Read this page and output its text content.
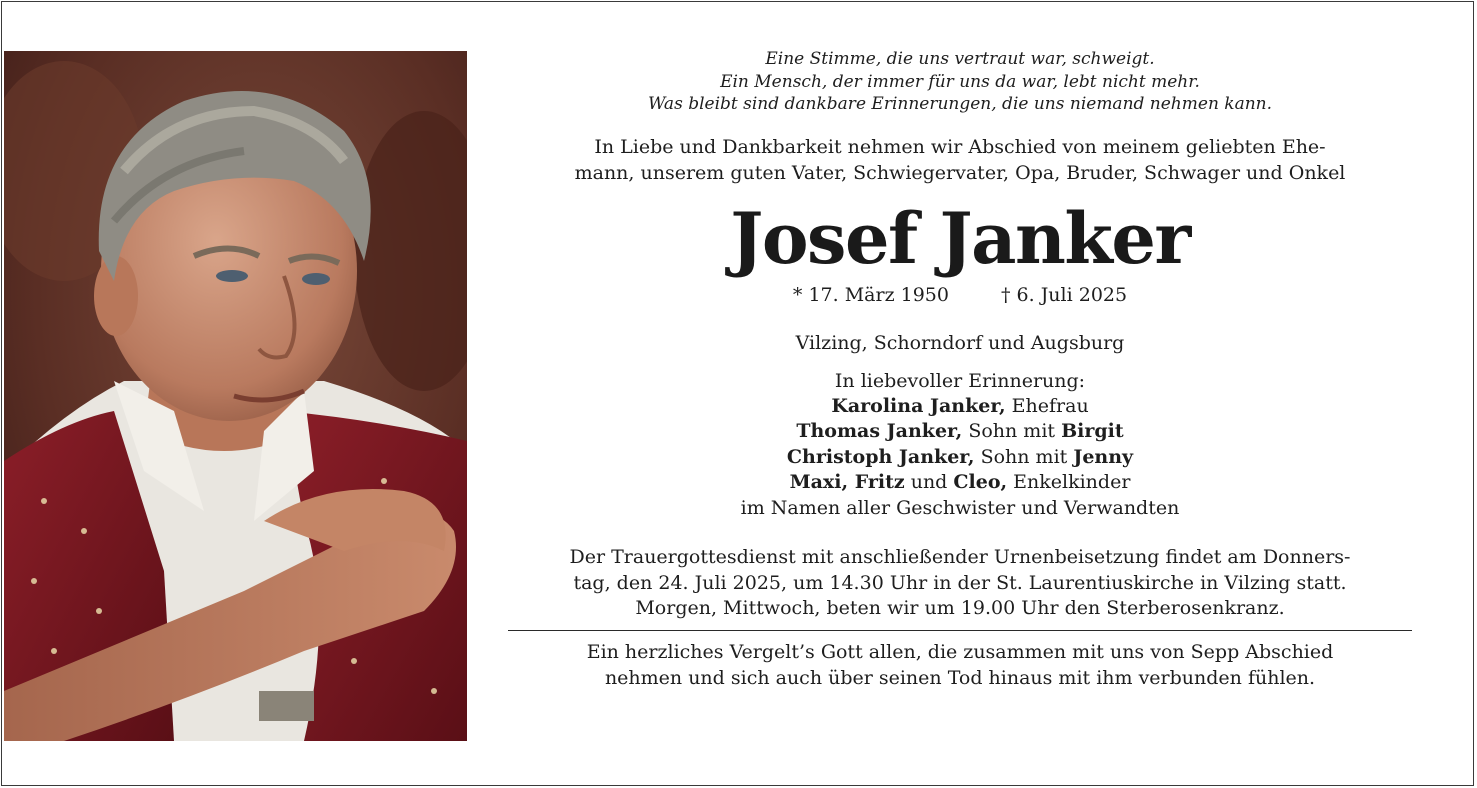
Eine Stimme, die uns vertraut war, schweigt.

Ein Mensch, der immer für uns da war, lebt nicht mehr.

Was bleibt sind dankbare Erinnerungen, die uns niemand nehmen kann.

In Liebe und Dankbarkeit nehmen wir Abschied von meinem geliebten Ehe-

mann, unserem guten Vater, Schwiegervater, Opa, Bruder, Schwager und Onkel

Josef Janker
* 17. März 1950	† 6. Juli 2025
Vilzing, Schorndorf und Augsburg
In liebevoller Erinnerung:

Karolina Janker, Ehefrau

Thomas Janker, Sohn mit Birgit

Christoph Janker, Sohn mit Jenny

Maxi, Fritz und Cleo, Enkelkinder

im Namen aller Geschwister und Verwandten

Der Trauergottesdienst mit anschließender Urnenbeisetzung findet am Donners-

tag, den 24. Juli 2025, um 14.30 Uhr in der St. Laurentiuskirche in Vilzing statt.

Morgen, Mittwoch, beten wir um 19.00 Uhr den Sterberosenkranz.

Ein herzliches Vergelt’s Gott allen, die zusammen mit uns von Sepp Abschied

nehmen und sich auch über seinen Tod hinaus mit ihm verbunden fühlen.
